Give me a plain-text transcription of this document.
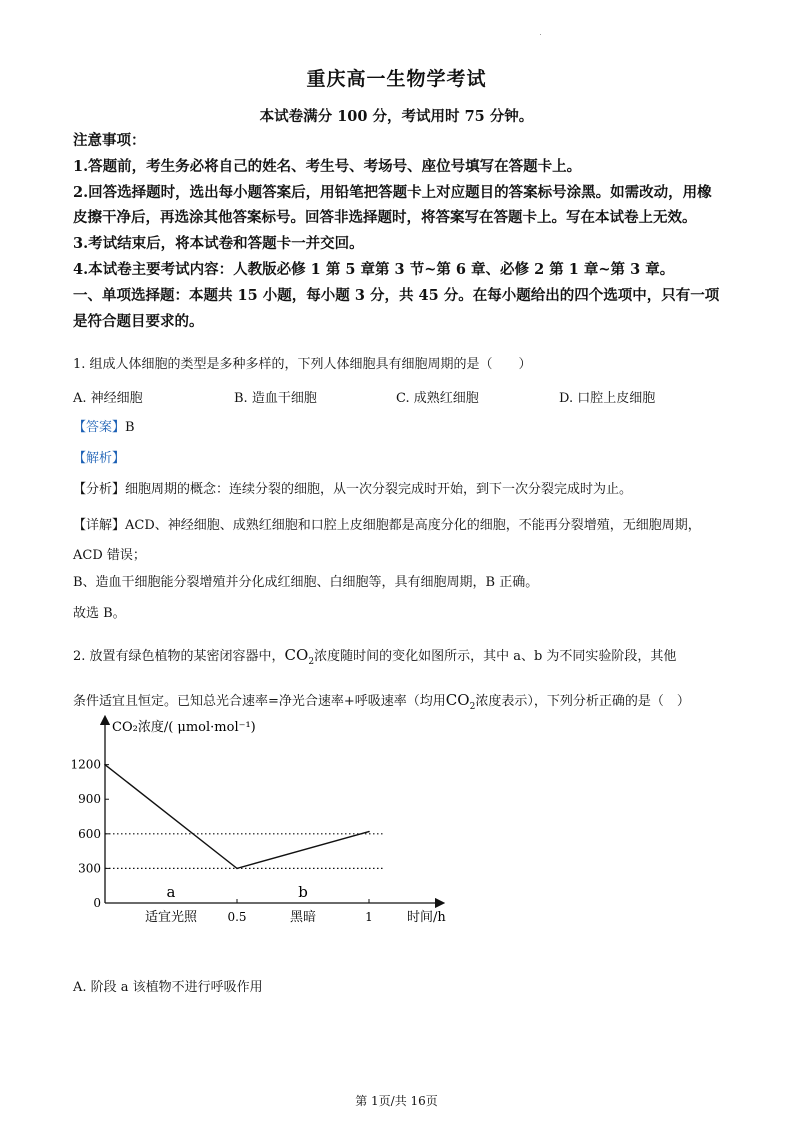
重庆高一生物学考试
本试卷满分 100 分，考试用时 75 分钟。

注意事项：

1.答题前，考生务必将自己的姓名、考生号、考场号、座位号填写在答题卡上。

2.回答选择题时，选出每小题答案后，用铅笔把答题卡上对应题目的答案标号涂黑。如需改动，用橡皮擦干净后，再选涂其他答案标号。回答非选择题时，将答案写在答题卡上。写在本试卷上无效。

3.考试结束后，将本试卷和答题卡一并交回。

4.本试卷主要考试内容：人教版必修 1 第 5 章第 3 节~第 6 章、必修 2 第 1 章~第 3 章。

一、单项选择题：本题共 15 小题，每小题 3 分，共 45 分。在每小题给出的四个选项中，只有一项是符合题目要求的。

1. 组成人体细胞的类型是多种多样的，下列人体细胞具有细胞周期的是（　　）
A. 神经细胞	B. 造血干细胞	C. 成熟红细胞	D. 口腔上皮细胞
【答案】B
【解析】
【分析】细胞周期的概念：连续分裂的细胞，从一次分裂完成时开始，到下一次分裂完成时为止。
【详解】ACD、神经细胞、成熟红细胞和口腔上皮细胞都是高度分化的细胞，不能再分裂增殖，无细胞周期，ACD 错误；
B、造血干细胞能分裂增殖并分化成红细胞、白细胞等，具有细胞周期，B 正确。
故选 B。
2. 放置有绿色植物的某密闭容器中，$CO_2$浓度随时间的变化如图所示，其中 a、b 为不同实验阶段，其他
条件适宜且恒定。已知总光合速率=净光合速率+呼吸速率（均用$CO_2$浓度表示），下列分析正确的是（　）
CO₂浓度/( μmol·mol⁻¹)
时间/h
0.5	1
适宜光照	黑暗
a	b
1200
900
600
300
0
A. 阶段 a 该植物不进行呼吸作用
第 1页/共 16页
